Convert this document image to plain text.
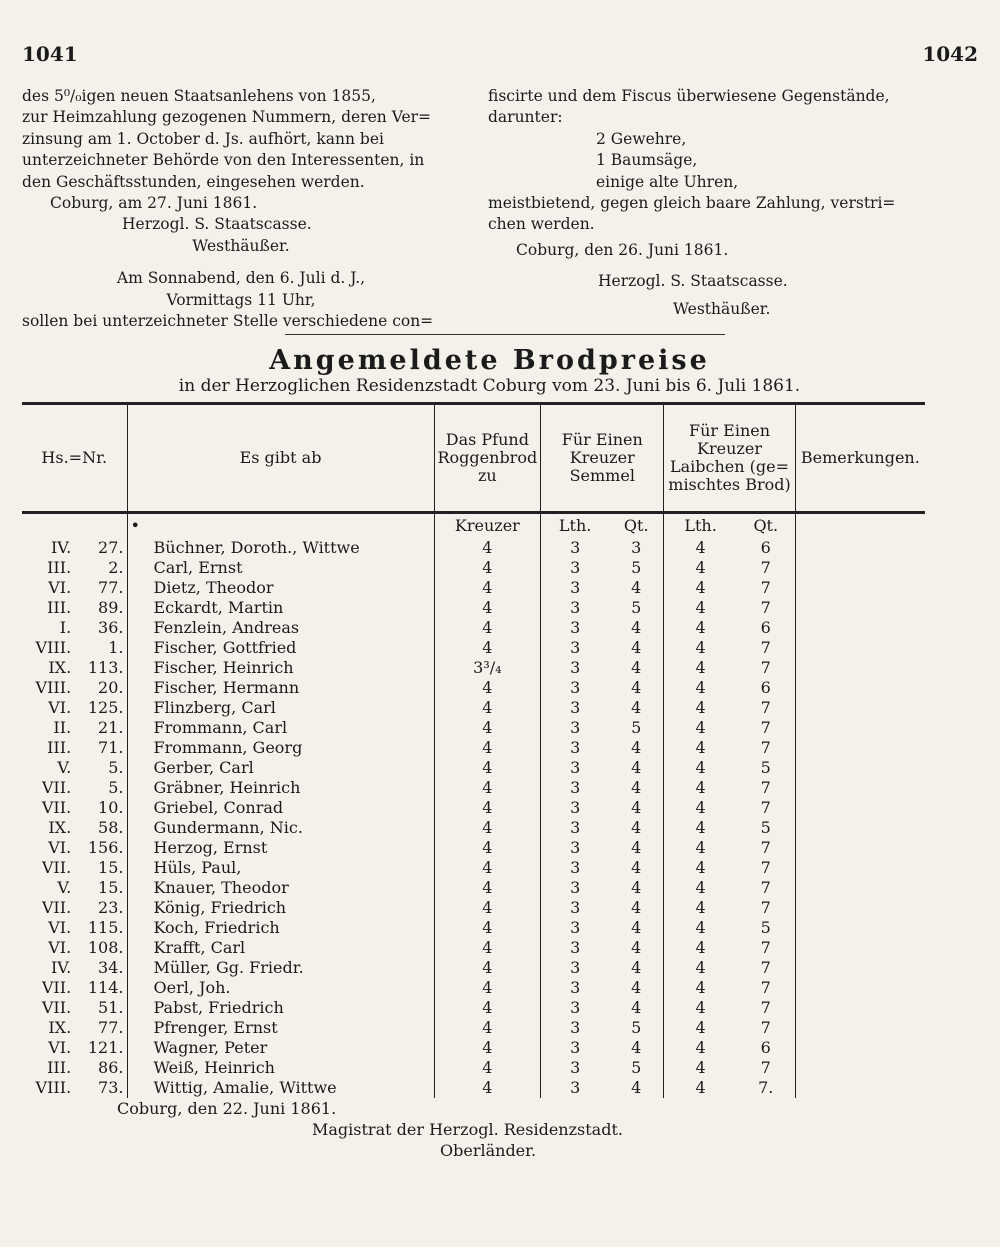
1041	1042

des 5⁰/₀igen neuen Staatsanlehens von 1855,

zur Heimzahlung gezogenen Nummern, deren Ver=

zinsung am 1. October d. Js. aufhört, kann bei

unterzeichneter Behörde von den Interessenten, in

den Geschäftsstunden, eingesehen werden.

Coburg, am 27. Juni 1861.

Herzogl. S. Staatscasse.

Westhäußer.

Am Sonnabend, den 6. Juli d. J.,

Vormittags 11 Uhr,

sollen bei unterzeichneter Stelle verschiedene con=

fiscirte und dem Fiscus überwiesene Gegenstände,

darunter:

2 Gewehre,

1 Baumsäge,

einige alte Uhren,

meistbietend, gegen gleich baare Zahlung, verstri=

chen werden.

Coburg, den 26. Juni 1861.

Herzogl. S. Staatscasse.

Westhäußer.

Angemeldete Brodpreise
in der Herzoglichen Residenzstadt Coburg vom 23. Juni bis 6. Juli 1861.
Hs.=Nr.		Es gibt ab	Das Pfund Roggenbrod zu	Für Einen Kreuzer Semmel		Für Einen Kreuzer Laibchen (ge= mischtes Brod)		Bemerkungen.
		•	Kreuzer	Lth.	Qt.	Lth.	Qt.	
IV.	27.	Büchner, Doroth., Wittwe	4	3	3	4	6	
III.	2.	Carl, Ernst	4	3	5	4	7	
VI.	77.	Dietz, Theodor	4	3	4	4	7	
III.	89.	Eckardt, Martin	4	3	5	4	7	
I.	36.	Fenzlein, Andreas	4	3	4	4	6	
VIII.	1.	Fischer, Gottfried	4	3	4	4	7	
IX.	113.	Fischer, Heinrich	3³/₄	3	4	4	7	
VIII.	20.	Fischer, Hermann	4	3	4	4	6	
VI.	125.	Flinzberg, Carl	4	3	4	4	7	
II.	21.	Frommann, Carl	4	3	5	4	7	
III.	71.	Frommann, Georg	4	3	4	4	7	
V.	5.	Gerber, Carl	4	3	4	4	5	
VII.	5.	Gräbner, Heinrich	4	3	4	4	7	
VII.	10.	Griebel, Conrad	4	3	4	4	7	
IX.	58.	Gundermann, Nic.	4	3	4	4	5	
VI.	156.	Herzog, Ernst	4	3	4	4	7	
VII.	15.	Hüls, Paul,	4	3	4	4	7	
V.	15.	Knauer, Theodor	4	3	4	4	7	
VII.	23.	König, Friedrich	4	3	4	4	7	
VI.	115.	Koch, Friedrich	4	3	4	4	5	
VI.	108.	Krafft, Carl	4	3	4	4	7	
IV.	34.	Müller, Gg. Friedr.	4	3	4	4	7	
VII.	114.	Oerl, Joh.	4	3	4	4	7	
VII.	51.	Pabst, Friedrich	4	3	4	4	7	
IX.	77.	Pfrenger, Ernst	4	3	5	4	7	
VI.	121.	Wagner, Peter	4	3	4	4	6	
III.	86.	Weiß, Heinrich	4	3	5	4	7	
VIII.	73.	Wittig, Amalie, Wittwe	4	3	4	4	7.	

Coburg, den 22. Juni 1861.

Magistrat der Herzogl. Residenzstadt.

Oberländer.
